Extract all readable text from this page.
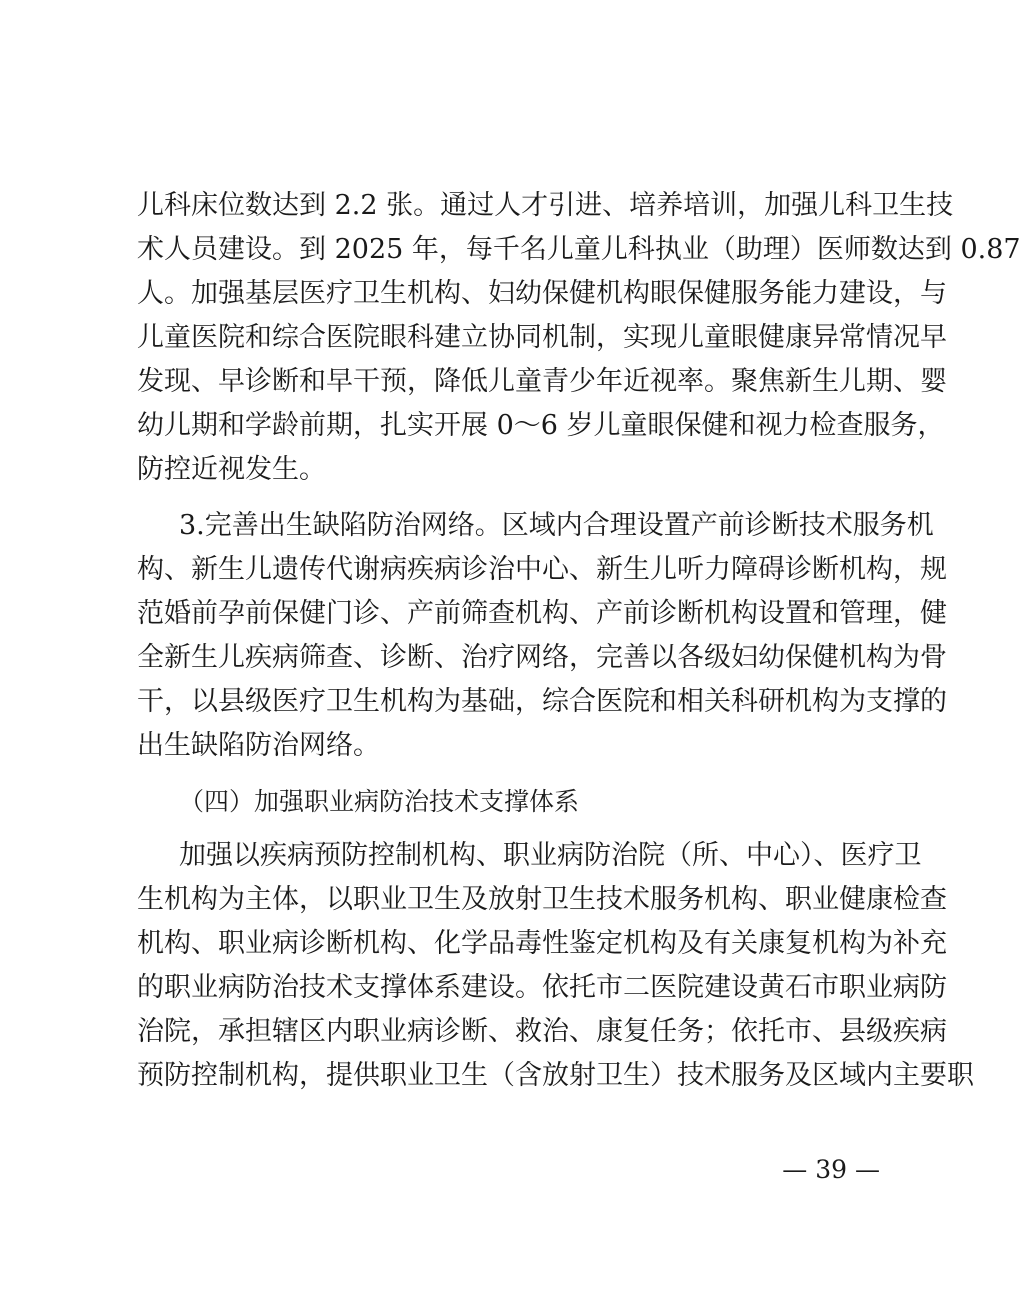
儿科床位数达到 2.2 张。通过人才引进、培养培训，加强儿科卫生技
术人员建设。到 2025 年，每千名儿童儿科执业（助理）医师数达到 0.87
人。加强基层医疗卫生机构、妇幼保健机构眼保健服务能力建设，与
儿童医院和综合医院眼科建立协同机制，实现儿童眼健康异常情况早
发现、早诊断和早干预，降低儿童青少年近视率。聚焦新生儿期、婴
幼儿期和学龄前期，扎实开展 0～6 岁儿童眼保健和视力检查服务，
防控近视发生。
3.完善出生缺陷防治网络。区域内合理设置产前诊断技术服务机
构、新生儿遗传代谢病疾病诊治中心、新生儿听力障碍诊断机构，规
范婚前孕前保健门诊、产前筛查机构、产前诊断机构设置和管理，健
全新生儿疾病筛查、诊断、治疗网络，完善以各级妇幼保健机构为骨
干，以县级医疗卫生机构为基础，综合医院和相关科研机构为支撑的
出生缺陷防治网络。
（四）加强职业病防治技术支撑体系
加强以疾病预防控制机构、职业病防治院（所、中心）、医疗卫
生机构为主体，以职业卫生及放射卫生技术服务机构、职业健康检查
机构、职业病诊断机构、化学品毒性鉴定机构及有关康复机构为补充
的职业病防治技术支撑体系建设。依托市二医院建设黄石市职业病防
治院，承担辖区内职业病诊断、救治、康复任务；依托市、县级疾病
预防控制机构，提供职业卫生（含放射卫生）技术服务及区域内主要职
— 39 —
